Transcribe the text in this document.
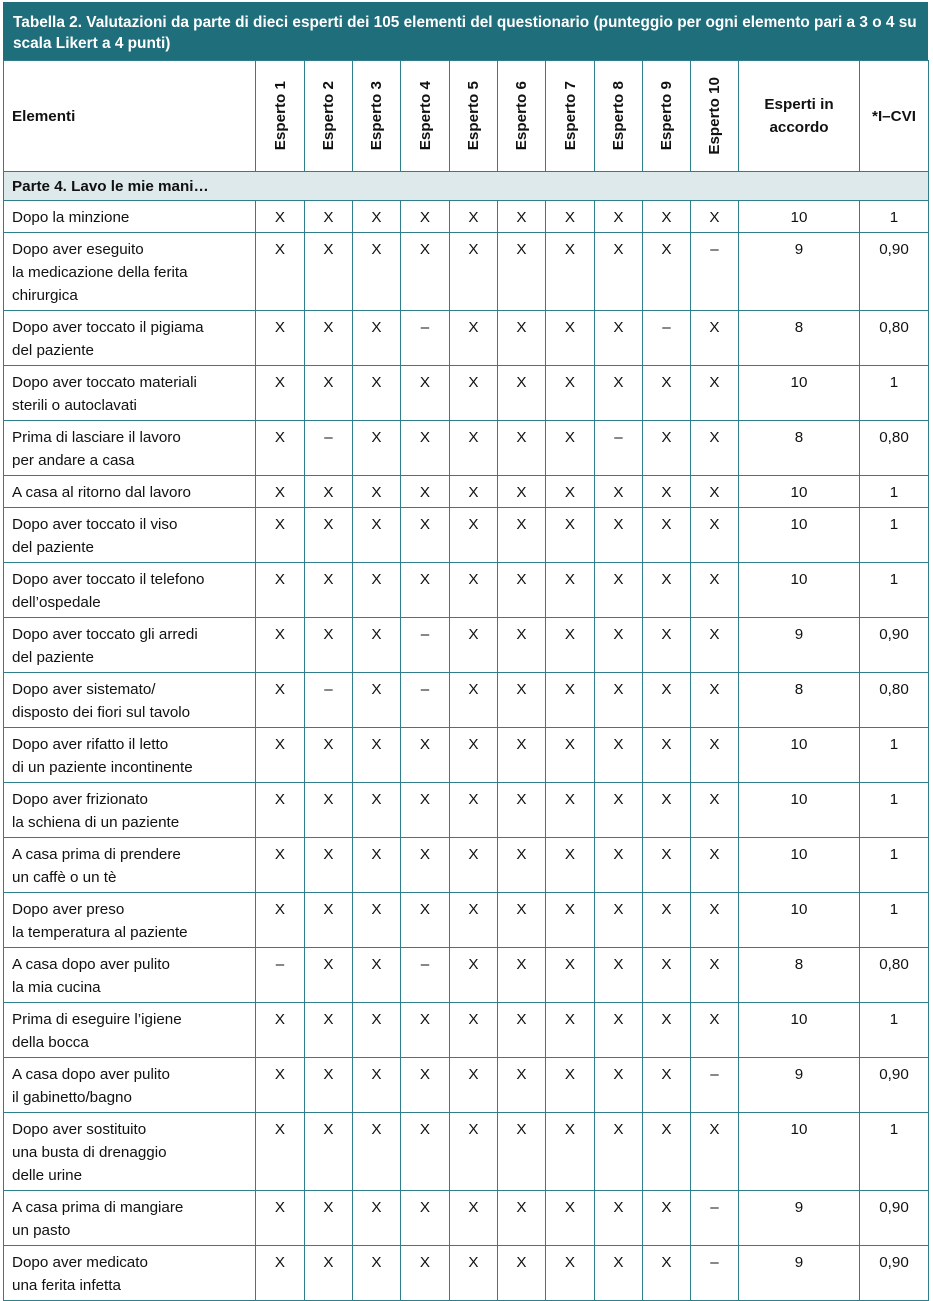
Tabella 2. Valutazioni da parte di dieci esperti dei 105 elementi del questionario (punteggio per ogni elemento pari a 3 o 4 su scala Likert a 4 punti)
Elementi	Esperto 1	Esperto 2	Esperto 3	Esperto 4	Esperto 5	Esperto 6	Esperto 7	Esperto 8	Esperto 9	Esperto 10	Esperti in accordo	*I–CVI
Parte 4. Lavo le mie mani…												

Dopo la minzione	X	X	X	X	X	X	X	X	X	X	10	1

Dopo aver eseguito
la medicazione della ferita
chirurgica	X	X	X	X	X	X	X	X	X	–	9	0,90

Dopo aver toccato il pigiama
del paziente	X	X	X	–	X	X	X	X	–	X	8	0,80

Dopo aver toccato materiali
sterili o autoclavati	X	X	X	X	X	X	X	X	X	X	10	1

Prima di lasciare il lavoro
per andare a casa	X	–	X	X	X	X	X	–	X	X	8	0,80

A casa al ritorno dal lavoro	X	X	X	X	X	X	X	X	X	X	10	1

Dopo aver toccato il viso
del paziente	X	X	X	X	X	X	X	X	X	X	10	1

Dopo aver toccato il telefono
dell’ospedale	X	X	X	X	X	X	X	X	X	X	10	1

Dopo aver toccato gli arredi
del paziente	X	X	X	–	X	X	X	X	X	X	9	0,90

Dopo aver sistemato/
disposto dei fiori sul tavolo	X	–	X	–	X	X	X	X	X	X	8	0,80

Dopo aver rifatto il letto
di un paziente incontinente	X	X	X	X	X	X	X	X	X	X	10	1

Dopo aver frizionato
la schiena di un paziente	X	X	X	X	X	X	X	X	X	X	10	1

A casa prima di prendere
un caffè o un tè	X	X	X	X	X	X	X	X	X	X	10	1

Dopo aver preso
la temperatura al paziente	X	X	X	X	X	X	X	X	X	X	10	1

A casa dopo aver pulito
la mia cucina	–	X	X	–	X	X	X	X	X	X	8	0,80

Prima di eseguire l’igiene
della bocca	X	X	X	X	X	X	X	X	X	X	10	1

A casa dopo aver pulito
il gabinetto/bagno	X	X	X	X	X	X	X	X	X	–	9	0,90

Dopo aver sostituito
una busta di drenaggio
delle urine	X	X	X	X	X	X	X	X	X	X	10	1

A casa prima di mangiare
un pasto	X	X	X	X	X	X	X	X	X	–	9	0,90

Dopo aver medicato
una ferita infetta	X	X	X	X	X	X	X	X	X	–	9	0,90
